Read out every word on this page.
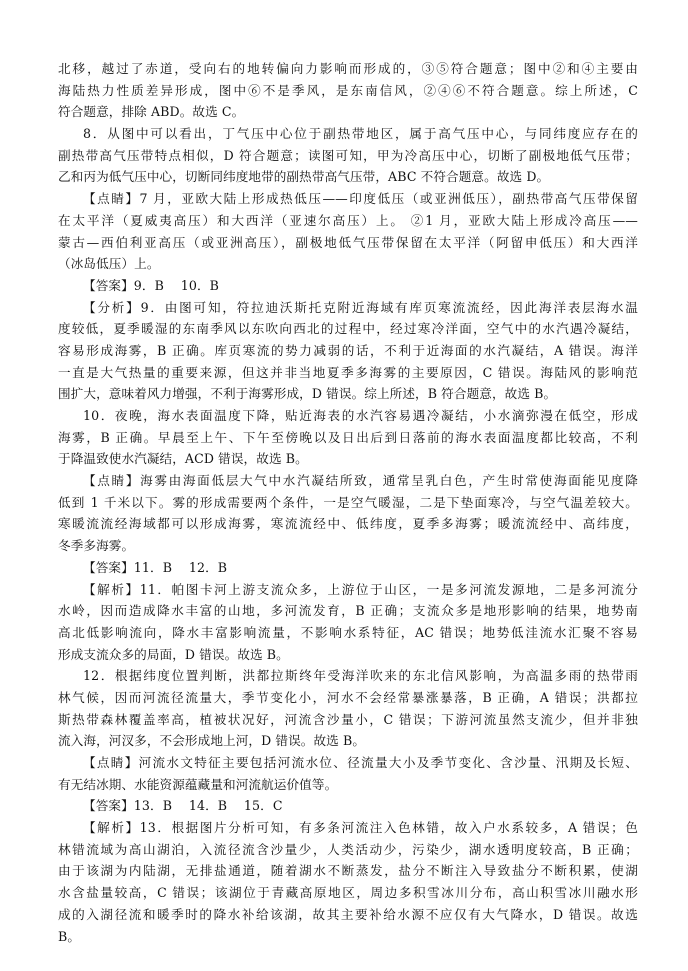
北移，越过了赤道，受向右的地转偏向力影响而形成的，③⑤符合题意；图中②和④主要由
海陆热力性质差异形成，图中⑥不是季风，是东南信风，②④⑥不符合题意。综上所述，C
符合题意，排除 ABD。故选 C。
8．从图中可以看出，丁气压中心位于副热带地区，属于高气压中心，与同纬度应存在的
副热带高气压带特点相似，D 符合题意；读图可知，甲为冷高压中心，切断了副极地低气压带；
乙和丙为低气压中心，切断同纬度地带的副热带高气压带，ABC 不符合题意。故选 D。
【点睛】7 月，亚欧大陆上形成热低压——印度低压（或亚洲低压），副热带高气压带保留
在太平洋（夏威夷高压）和大西洋（亚速尔高压）上。 ②1 月，亚欧大陆上形成冷高压——
蒙古—西伯利亚高压（或亚洲高压），副极地低气压带保留在太平洋（阿留申低压）和大西洋
（冰岛低压）上。
【答案】9．B　 10．B
【分析】9．由图可知，符拉迪沃斯托克附近海域有库页寒流流经，因此海洋表层海水温
度较低，夏季暖湿的东南季风以东吹向西北的过程中，经过寒冷洋面，空气中的水汽遇冷凝结，
容易形成海雾，B 正确。库页寒流的势力减弱的话，不利于近海面的水汽凝结，A 错误。海洋
一直是大气热量的重要来源，但这并非当地夏季多海雾的主要原因，C 错误。海陆风的影响范
围扩大，意味着风力增强，不利于海雾形成，D 错误。综上所述，B 符合题意，故选 B。
10．夜晚，海水表面温度下降，贴近海表的水汽容易遇冷凝结，小水滴弥漫在低空，形成
海雾，B 正确。早晨至上午、下午至傍晚以及日出后到日落前的海水表面温度都比较高，不利
于降温致使水汽凝结，ACD 错误，故选 B。
【点睛】海雾由海面低层大气中水汽凝结所致，通常呈乳白色，产生时常使海面能见度降
低到 1 千米以下。雾的形成需要两个条件，一是空气暖湿，二是下垫面寒冷，与空气温差较大。
寒暖流流经海域都可以形成海雾，寒流流经中、低纬度，夏季多海雾；暖流流经中、高纬度，
冬季多海雾。
【答案】11．B　 12．B
【解析】11．帕图卡河上游支流众多，上游位于山区，一是多河流发源地，二是多河流分
水岭，因而造成降水丰富的山地，多河流发育，B 正确；支流众多是地形影响的结果，地势南
高北低影响流向，降水丰富影响流量，不影响水系特征，AC 错误；地势低洼流水汇聚不容易
形成支流众多的局面，D 错误。故选 B。
12．根据纬度位置判断，洪都拉斯终年受海洋吹来的东北信风影响，为高温多雨的热带雨
林气候，因而河流径流量大，季节变化小，河水不会经常暴涨暴落，B 正确，A 错误；洪都拉
斯热带森林覆盖率高，植被状况好，河流含沙量小，C 错误；下游河流虽然支流少，但并非独
流入海，河汊多，不会形成地上河，D 错误。故选 B。
【点睛】河流水文特征主要包括河流水位、径流量大小及季节变化、含沙量、汛期及长短、
有无结冰期、水能资源蕴藏量和河流航运价值等。
【答案】13．B　 14．B　 15．C
【解析】13．根据图片分析可知，有多条河流注入色林错，故入户水系较多，A 错误；色
林错流域为高山湖泊，入流径流含沙量少，人类活动少，污染少，湖水透明度较高，B 正确；
由于该湖为内陆湖，无排盐通道，随着湖水不断蒸发，盐分不断注入导致盐分不断积累，使湖
水含盐量较高，C 错误；该湖位于青藏高原地区，周边多积雪冰川分布，高山积雪冰川融水形
成的入湖径流和暖季时的降水补给该湖，故其主要补给水源不应仅有大气降水，D 错误。故选
B。
